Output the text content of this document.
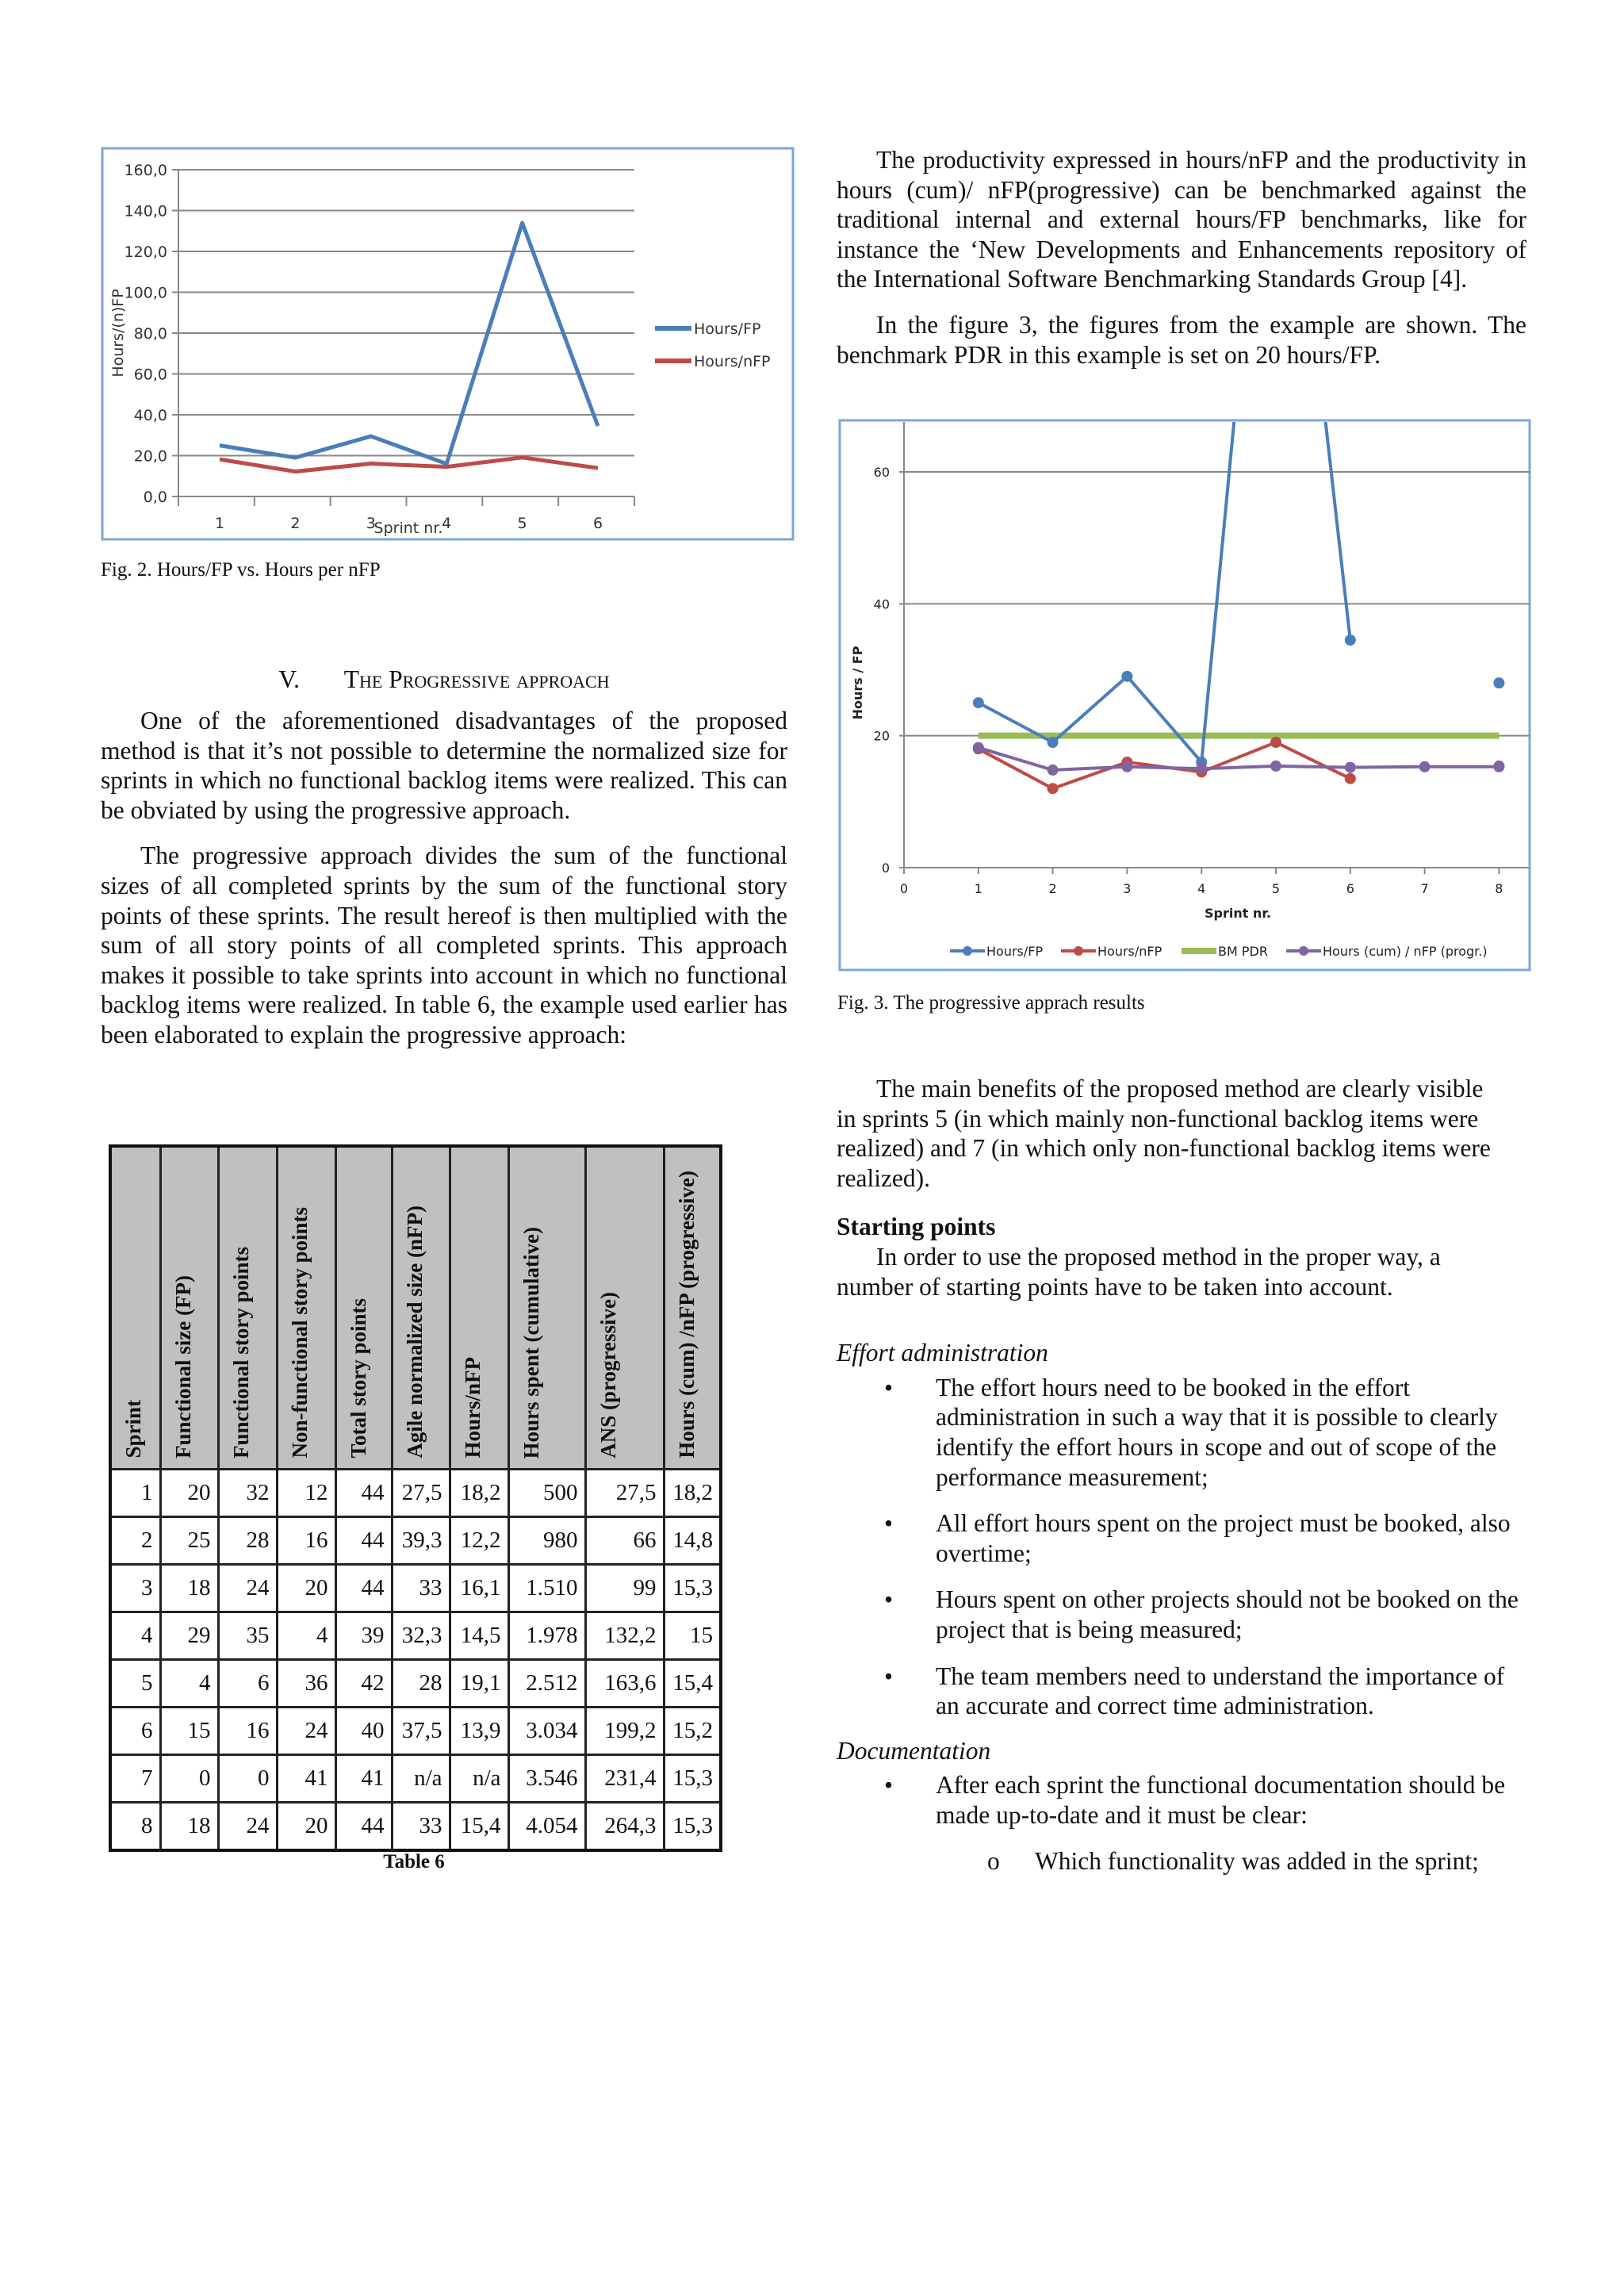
0,0
20,0
40,0
60,0
80,0
100,0
120,0
140,0
160,0
1	2	3	4	5	6
Sprint nr.
Hours/(n)FP	Hours/FP
Hours/nFP
0
20
40
60
0	1	2	3	4	5	6	7	8
Sprint nr.
Hours / FP
Hours/FP	Hours/nFP	BM PDR	Hours (cum) / nFP (progr.)
Fig. 2. Hours/FP vs. Hours per nFP
V. The Progressive approach

One of the aforementioned disadvantages of the proposed method is that it’s not possible to determine the normalized size for sprints in which no functional backlog items were realized. This can be obviated by using the progressive approach.

The progressive approach divides the sum of the functional sizes of all completed sprints by the sum of the functional story points of these sprints. The result hereof is then multiplied with the sum of all story points of all completed sprints. This approach makes it possible to take sprints into account in which no functional backlog items were realized. In table 6, the example used earlier has been elaborated to explain the progressive approach:

Sprint	Functional size (FP)	Functional story points	Non-functional story points	Total story points	Agile normalized size (nFP)	Hours/nFP	Hours spent (cumulative)	ANS (progressive)	Hours (cum) /nFP (progressive)
1	20	32	12	44	27,5	18,2	500	27,5	18,2
2	25	28	16	44	39,3	12,2	980	66	14,8
3	18	24	20	44	33	16,1	1.510	99	15,3
4	29	35	4	39	32,3	14,5	1.978	132,2	15
5	4	6	36	42	28	19,1	2.512	163,6	15,4
6	15	16	24	40	37,5	13,9	3.034	199,2	15,2
7	0	0	41	41	n/a	n/a	3.546	231,4	15,3
8	18	24	20	44	33	15,4	4.054	264,3	15,3
Table 6

The productivity expressed in hours/nFP and the productivity in hours (cum)/ nFP(progressive) can be benchmarked against the traditional internal and external hours/FP benchmarks, like for instance the ‘New Developments and Enhancements repository of the International Software Benchmarking Standards Group [4].

In the figure 3, the figures from the example are shown. The benchmark PDR in this example is set on 20 hours/FP.

Fig. 3. The progressive apprach results

The main benefits of the proposed method are clearly visible in sprints 5 (in which mainly non-functional backlog items were realized) and 7 (in which only non-functional backlog items were realized).

Starting points

In order to use the proposed method in the proper way, a number of starting points have to be taken into account.

Effort administration
• The effort hours need to be booked in the effort administration in such a way that it is possible to clearly identify the effort hours in scope and out of scope of the performance measurement;
• All effort hours spent on the project must be booked, also overtime;
• Hours spent on other projects should not be booked on the project that is being measured;
• The team members need to understand the importance of an accurate and correct time administration.
Documentation
• After each sprint the functional documentation should be made up-to-date and it must be clear:
o Which functionality was added in the sprint;
